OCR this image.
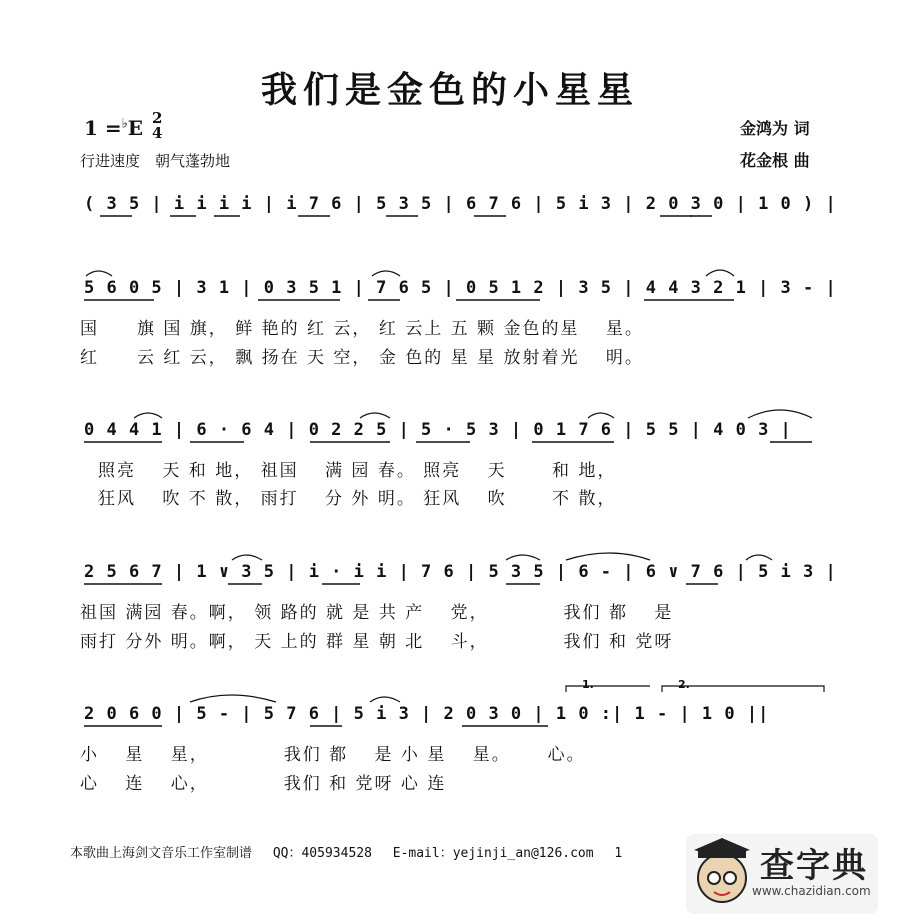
我们是金色的小星星
1 =♭E 2
4
行进速度　朝气蓬勃地
金鸿为 词
花金根 曲
( 3 5 | i i i i | i 7 6 | 5 3 5 | 6 7 6 | 5 i 3 | 2 0 3 0 | 1 0 ) |
5 6 0 5 | 3 1 | 0 3 5 1 | 7 6 5 | 0 5 1 2 | 3 5 | 4 4 3 2 1 | 3 - |
国　　旗 国 旗， 鲜 艳的 红 云， 红 云上 五 颗 金色的星　 星。
红　　云 红 云， 飘 扬在 天 空， 金 色的 星 星 放射着光　 明。
0 4 4 1 | 6 · 6 4 | 0 2 2 5 | 5 · 5 3 | 0 1 7 6 | 5 5 | 4 0 3 |
照亮　 天 和 地， 祖国　 满 园 春。 照亮　 天　　 和 地，
狂风　 吹 不 散， 雨打　 分 外 明。 狂风　 吹　　 不 散，
2 5 6 7 | 1 ∨ 3 5 | i · i i | 7 6 | 5 3 5 | 6 - | 6 ∨ 7 6 | 5 i 3 |
祖国 满园 春。啊， 领 路的 就 是 共 产　 党，　　　　 我们 都　 是
雨打 分外 明。啊， 天 上的 群 星 朝 北　 斗，　　　　 我们 和 党呀
2 0 6 0 | 5 - | 5 7 6 | 5 i 3 | 2 0 3 0 | 1 0 :| 1 - | 1 0 ||
小　 星　 星，　　　　 我们 都　 是 小 星　 星。　　 心。
心　 连　 心，　　　　 我们 和 党呀 心 连
1.	2.
本歌曲上海剑文音乐工作室制谱　 QQ：405934528　 E-mail：yejinji_an@126.com　 1	查字典
www.chazidian.com
